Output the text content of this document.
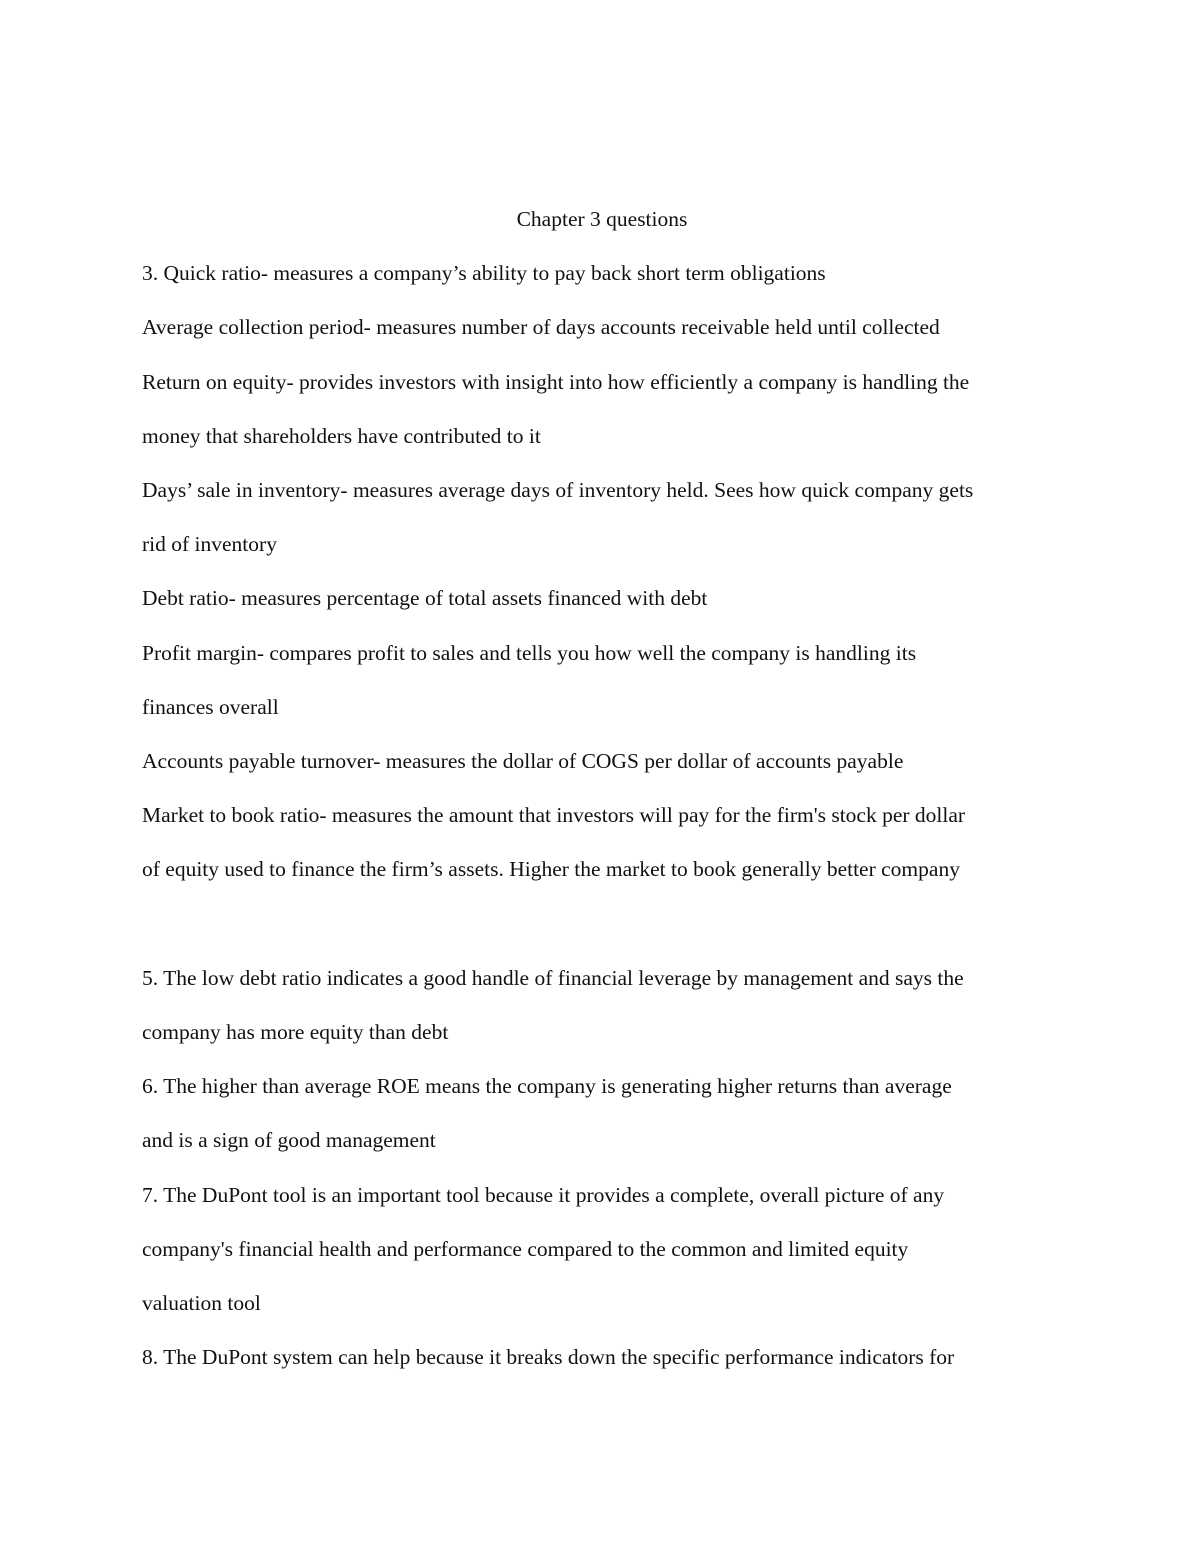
Chapter 3 questions

3. Quick ratio- measures a company’s ability to pay back short term obligations

Average collection period- measures number of days accounts receivable held until collected

Return on equity- provides investors with insight into how efficiently a company is handling the

money that shareholders have contributed to it

Days’ sale in inventory- measures average days of inventory held. Sees how quick company gets

rid of inventory

Debt ratio- measures percentage of total assets financed with debt

Profit margin- compares profit to sales and tells you how well the company is handling its

finances overall

Accounts payable turnover- measures the dollar of COGS per dollar of accounts payable

Market to book ratio- measures the amount that investors will pay for the firm's stock per dollar

of equity used to finance the firm’s assets. Higher the market to book generally better company

5. The low debt ratio indicates a good handle of financial leverage by management and says the

company has more equity than debt

6. The higher than average ROE means the company is generating higher returns than average

and is a sign of good management

7. The DuPont tool is an important tool because it provides a complete, overall picture of any

company's financial health and performance compared to the common and limited equity

valuation tool

8. The DuPont system can help because it breaks down the specific performance indicators for
